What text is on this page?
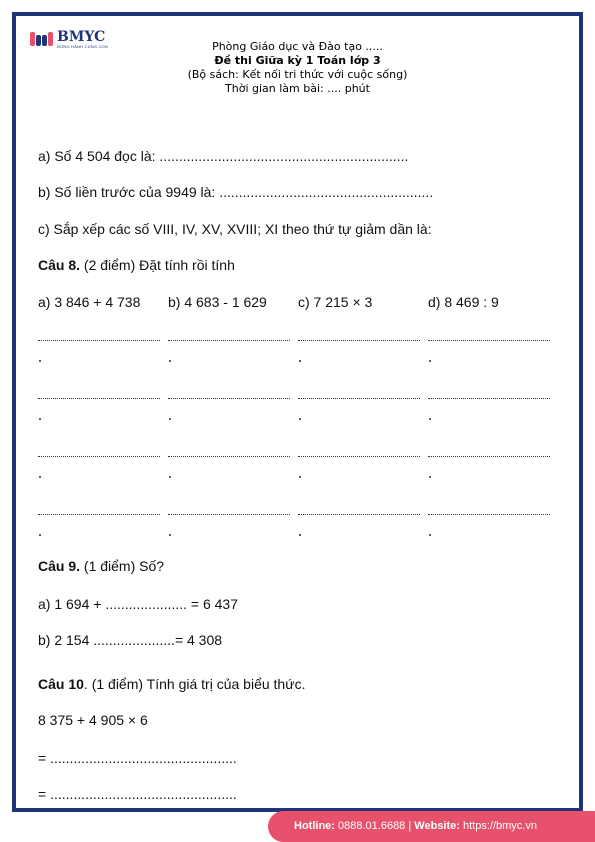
BMYC
ĐỒNG HÀNH CÙNG CON	Phòng Giáo dục và Đào tạo .....
Đề thi Giữa kỳ 1 Toán lớp 3
(Bộ sách: Kết nối tri thức với cuộc sống)
Thời gian làm bài: .... phút
a) Số 4 504 đọc là: ................................................................
b) Số liền trước của 9949 là: .......................................................
c) Sắp xếp các số VIII, IV, XV, XVIII; XI theo thứ tự giảm dần là:
Câu 8. (2 điểm) Đặt tính rồi tính
a) 3 846 + 4 738 b) 4 683 - 1 629 c) 7 215 × 3	d) 8 469 : 9
Câu 9. (1 điểm) Số?
a) 1 694 + ..................... = 6 437
b) 2 154 .....................= 4 308
Câu 10. (1 điểm) Tính giá trị của biểu thức.
8 375 + 4 905 × 6
= ................................................
= ................................................
Hotline: 0888.01.6688 | Website: https://bmyc.vn
